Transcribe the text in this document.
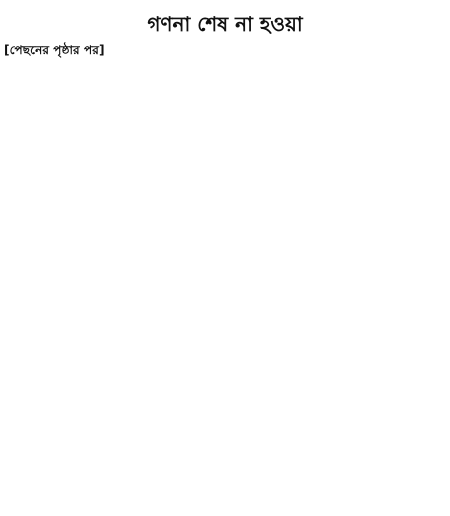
গণনা শেষ না হওয়া
[পেছনের পৃষ্ঠার পর]
